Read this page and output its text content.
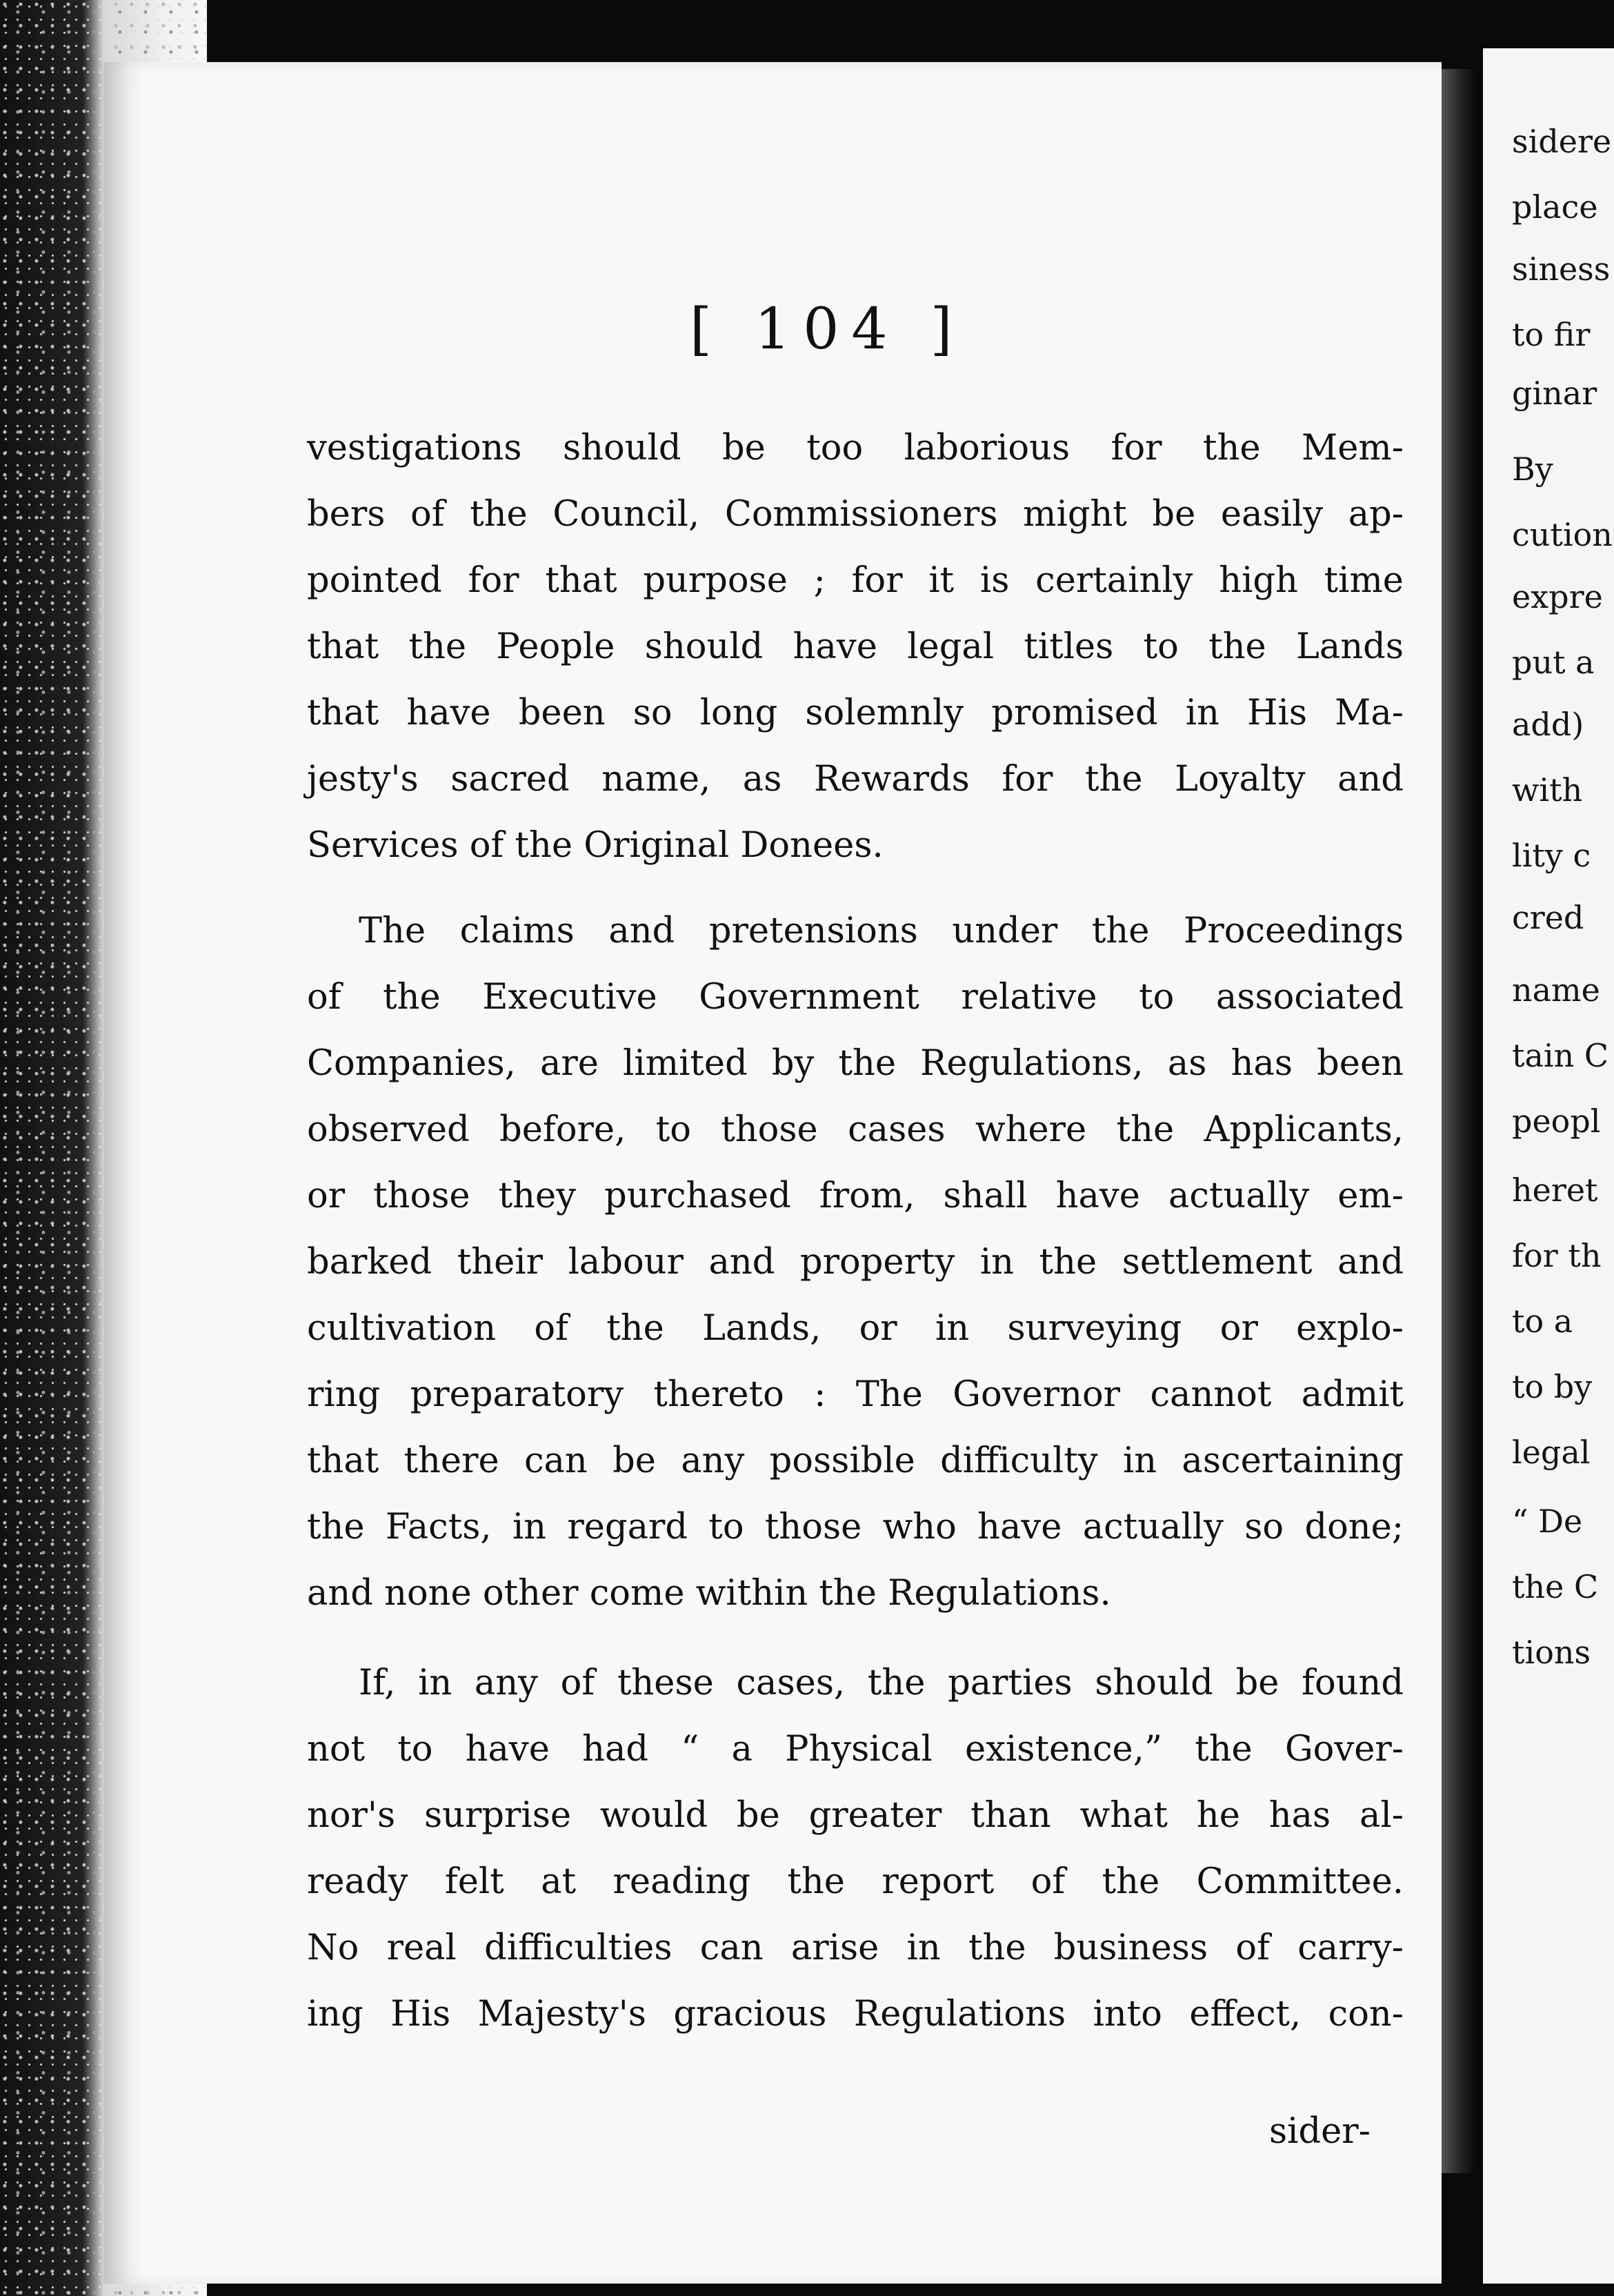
sidere
place
siness
to fir
ginar
By
cution
expre
put a
add)
with
lity c
cred
name
tain C
peopl
heret
for th
to a
to by
legal
“ De
the C
tions
[ 104 ]
vestigations should be too laborious for the Mem-
bers of the Council, Commissioners might be easily ap-
pointed for that purpose ; for it is certainly high time
that the People should have legal titles to the Lands
that have been so long solemnly promised in His Ma-
jesty's sacred name, as Rewards for the Loyalty and
Services of the Original Donees.
The claims and pretensions under the Proceedings
of the Executive Government relative to associated
Companies, are limited by the Regulations, as has been
observed before, to those cases where the Applicants,
or those they purchased from, shall have actually em-
barked their labour and property in the settlement and
cultivation of the Lands, or in surveying or explo-
ring preparatory thereto : The Governor cannot admit
that there can be any possible difficulty in ascertaining
the Facts, in regard to those who have actually so done;
and none other come within the Regulations.
If, in any of these cases, the parties should be found
not to have had “ a Physical existence,” the Gover-
nor's surprise would be greater than what he has al-
ready felt at reading the report of the Committee.
No real difficulties can arise in the business of carry-
ing His Majesty's gracious Regulations into effect, con-
sider-
